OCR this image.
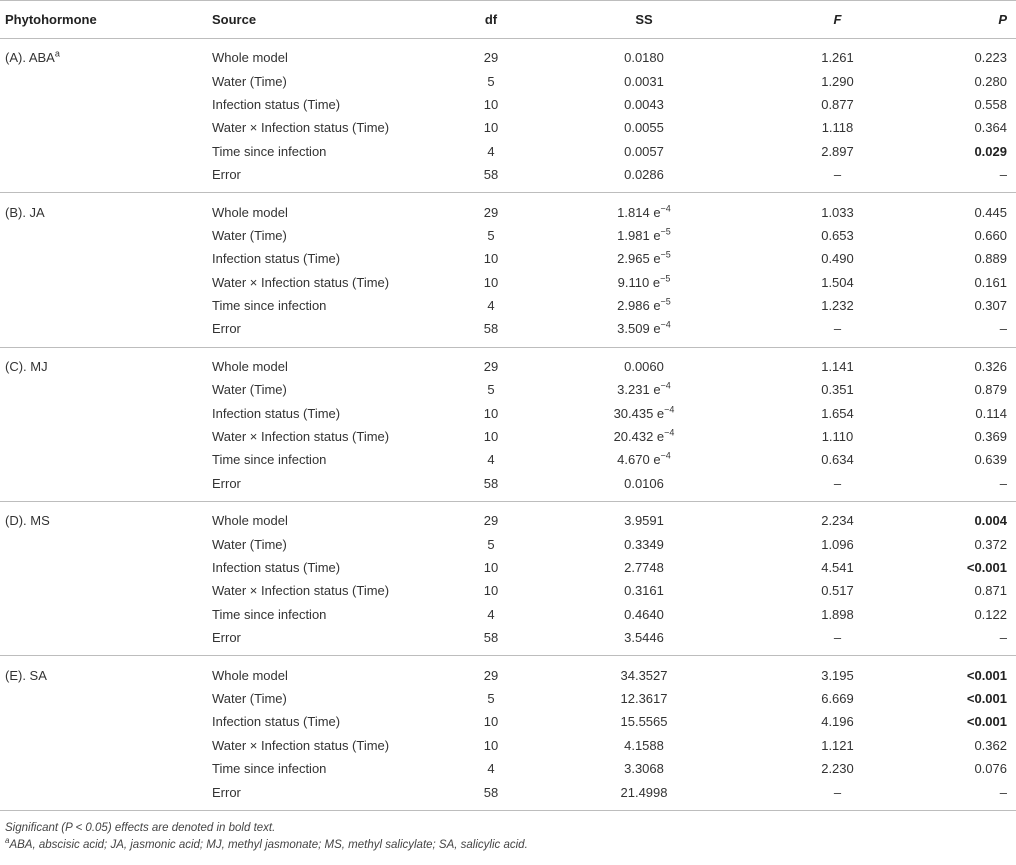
Phytohormone	Source	df	SS	F	P
(A). ABA$^a$	Whole model	29	0.0180	1.261	0.223
	Water (Time)	5	0.0031	1.290	0.280
	Infection status (Time)	10	0.0043	0.877	0.558
	Water × Infection status (Time)	10	0.0055	1.118	0.364
	Time since infection	4	0.0057	2.897	0.029
	Error	58	0.0286	–	–
(B). JA	Whole model	29	1.814 $e^{-4}$	1.033	0.445
	Water (Time)	5	1.981 $e^{-5}$	0.653	0.660
	Infection status (Time)	10	2.965 $e^{-5}$	0.490	0.889
	Water × Infection status (Time)	10	9.110 $e^{-5}$	1.504	0.161
	Time since infection	4	2.986 $e^{-5}$	1.232	0.307
	Error	58	3.509 $e^{-4}$	–	–
(C). MJ	Whole model	29	0.0060	1.141	0.326
	Water (Time)	5	3.231 $e^{-4}$	0.351	0.879
	Infection status (Time)	10	30.435 $e^{-4}$	1.654	0.114
	Water × Infection status (Time)	10	20.432 $e^{-4}$	1.110	0.369
	Time since infection	4	4.670 $e^{-4}$	0.634	0.639
	Error	58	0.0106	–	–
(D). MS	Whole model	29	3.9591	2.234	0.004
	Water (Time)	5	0.3349	1.096	0.372
	Infection status (Time)	10	2.7748	4.541	<0.001
	Water × Infection status (Time)	10	0.3161	0.517	0.871
	Time since infection	4	0.4640	1.898	0.122
	Error	58	3.5446	–	–
(E). SA	Whole model	29	34.3527	3.195	<0.001
	Water (Time)	5	12.3617	6.669	<0.001
	Infection status (Time)	10	15.5565	4.196	<0.001
	Water × Infection status (Time)	10	4.1588	1.121	0.362
	Time since infection	4	3.3068	2.230	0.076
	Error	58	21.4998	–	–
Significant (P < 0.05) effects are denoted in bold text.
$^a$ABA, abscisic acid; JA, jasmonic acid; MJ, methyl jasmonate; MS, methyl salicylate; SA, salicylic acid.
